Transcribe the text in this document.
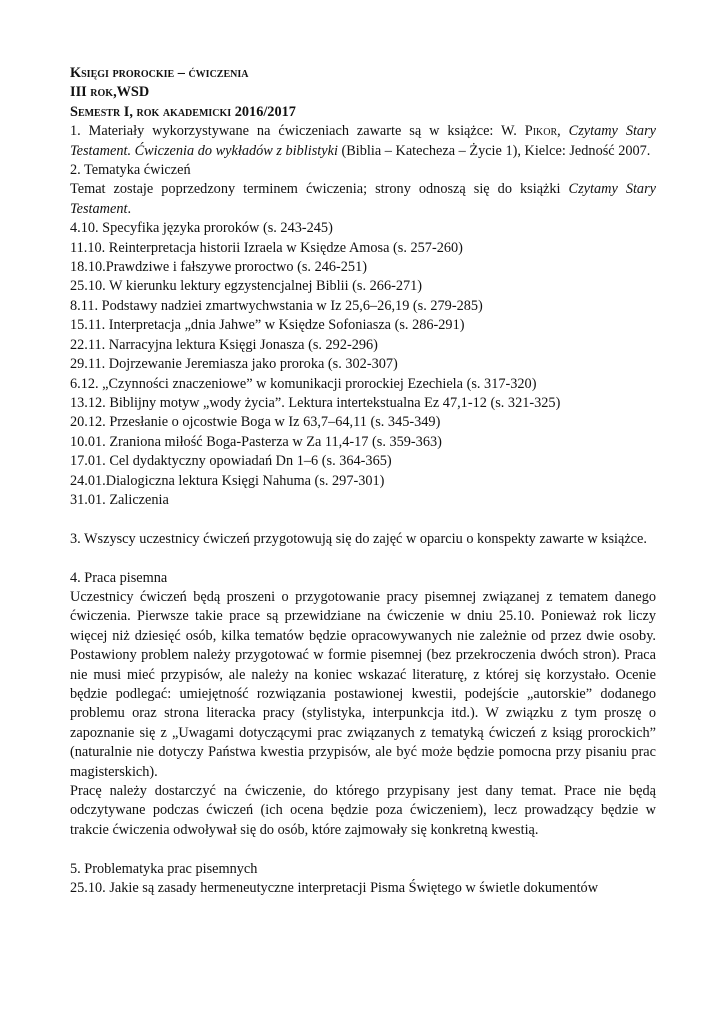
Księgi prorockie – ćwiczenia

III rok,WSD

Semestr I, rok akademicki 2016/2017

1. Materiały wykorzystywane na ćwiczeniach zawarte są w książce: W. Pikor, Czytamy Stary Testament. Ćwiczenia do wykładów z biblistyki (Biblia – Katecheza – Życie 1), Kielce: Jedność 2007.

2. Tematyka ćwiczeń

Temat zostaje poprzedzony terminem ćwiczenia; strony odnoszą się do książki Czytamy Stary Testament.

4.10. Specyfika języka proroków (s. 243-245)

11.10. Reinterpretacja historii Izraela w Księdze Amosa (s. 257-260)

18.10.Prawdziwe i fałszywe proroctwo (s. 246-251)

25.10. W kierunku lektury egzystencjalnej Biblii (s. 266-271)

8.11. Podstawy nadziei zmartwychwstania w Iz 25,6–26,19 (s. 279-285)

15.11. Interpretacja „dnia Jahwe” w Księdze Sofoniasza (s. 286-291)

22.11. Narracyjna lektura Księgi Jonasza (s. 292-296)

29.11. Dojrzewanie Jeremiasza jako proroka (s. 302-307)

6.12. „Czynności znaczeniowe” w komunikacji prorockiej Ezechiela (s. 317-320)

13.12. Biblijny motyw „wody życia”. Lektura intertekstualna Ez 47,1-12 (s. 321-325)

20.12. Przesłanie o ojcostwie Boga w Iz 63,7–64,11 (s. 345-349)

10.01. Zraniona miłość Boga-Pasterza w Za 11,4-17 (s. 359-363)

17.01. Cel dydaktyczny opowiadań Dn 1–6 (s. 364-365)

24.01.Dialogiczna lektura Księgi Nahuma (s. 297-301)

31.01. Zaliczenia

3. Wszyscy uczestnicy ćwiczeń przygotowują się do zajęć w oparciu o konspekty zawarte w książce.

4. Praca pisemna

Uczestnicy ćwiczeń będą proszeni o przygotowanie pracy pisemnej związanej z tematem danego ćwiczenia. Pierwsze takie prace są przewidziane na ćwiczenie w dniu 25.10. Ponieważ rok liczy więcej niż dziesięć osób, kilka tematów będzie opracowywanych nie zależnie od przez dwie osoby. Postawiony problem należy przygotować w formie pisemnej (bez przekroczenia dwóch stron). Praca nie musi mieć przypisów, ale należy na koniec wskazać literaturę, z której się korzystało. Ocenie będzie podlegać: umiejętność rozwiązania postawionej kwestii, podejście „autorskie” dodanego problemu oraz strona literacka pracy (stylistyka, interpunkcja itd.). W związku z tym proszę o zapoznanie się z „Uwagami dotyczącymi prac związanych z tematyką ćwiczeń z ksiąg prorockich” (naturalnie nie dotyczy Państwa kwestia przypisów, ale być może będzie pomocna przy pisaniu prac magisterskich).

Pracę należy dostarczyć na ćwiczenie, do którego przypisany jest dany temat. Prace nie będą odczytywane podczas ćwiczeń (ich ocena będzie poza ćwiczeniem), lecz prowadzący będzie w trakcie ćwiczenia odwoływał się do osób, które zajmowały się konkretną kwestią.

5. Problematyka prac pisemnych

25.10. Jakie są zasady hermeneutyczne interpretacji Pisma Świętego w świetle dokumentów
